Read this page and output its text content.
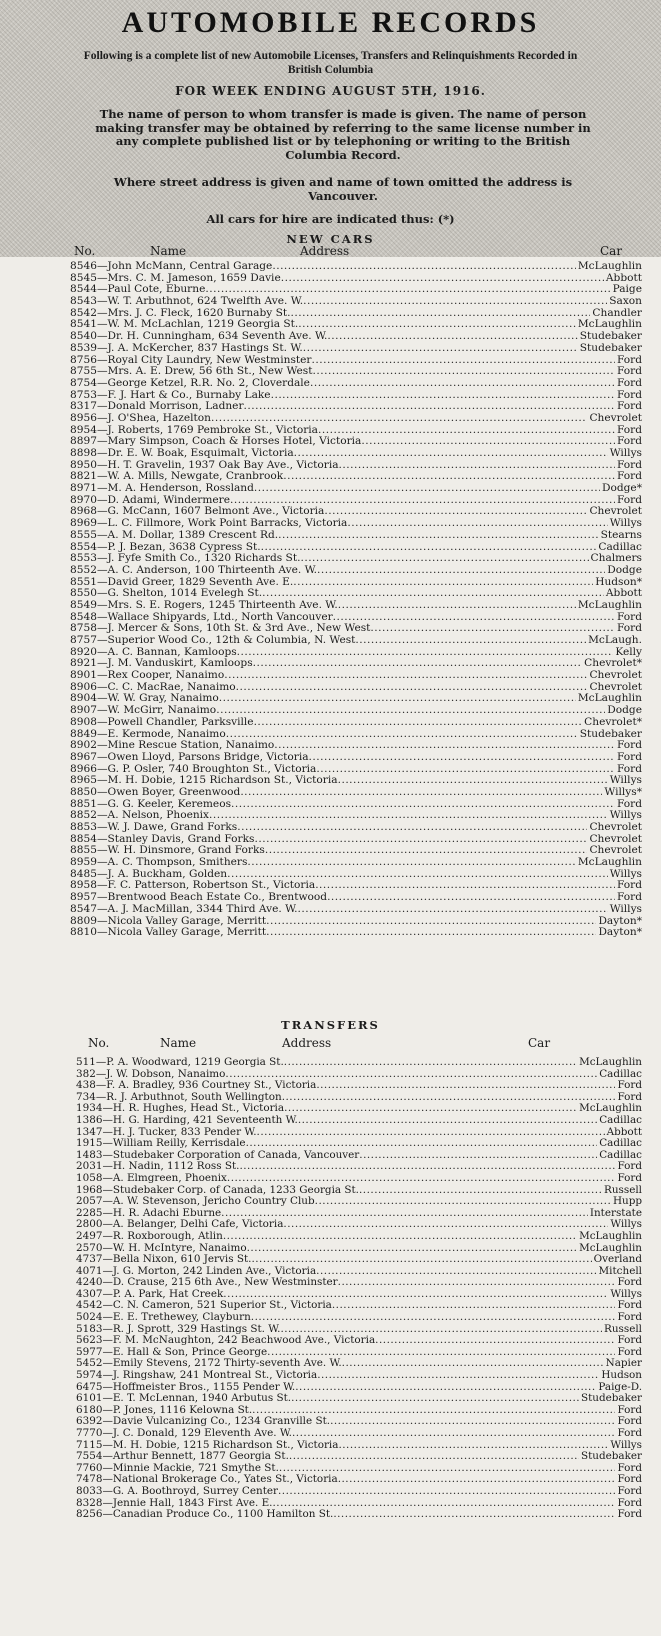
AUTOMOBILE RECORDS

Following is a complete list of new Automobile Licenses, Transfers and Relinquishments Recorded in British Columbia

FOR WEEK ENDING AUGUST 5TH, 1916.

The name of person to whom transfer is made is given. The name of person making transfer may be obtained by referring to the same license number in any complete published list or by telephoning or writing to the British Columbia Record.

Where street address is given and name of town omitted the address is Vancouver.

All cars for hire are indicated thus: (*)

NEW CARS

No.	Name	Address	Car
8546—John McMann, Central Garage .....	McLaughlin
8545—Mrs. C. M. Jameson, 1659 Davie .....	Abbott
8544—Paul Cote, Eburne .....	Paige
8543—W. T. Arbuthnot, 624 Twelfth Ave. W. .....	Saxon
8542—Mrs. J. C. Fleck, 1620 Burnaby St. .....	Chandler
8541—W. M. McLachlan, 1219 Georgia St. .....	McLaughlin
8540—Dr. H. Cunningham, 634 Seventh Ave. W. .....	Studebaker
8539—J. A. McKercher, 837 Hastings St. W. .....	Studebaker
8756—Royal City Laundry, New Westminster .....	Ford
8755—Mrs. A. E. Drew, 56 6th St., New West .....	Ford
8754—George Ketzel, R.R. No. 2, Cloverdale .....	Ford
8753—F. J. Hart & Co., Burnaby Lake .....	Ford
8317—Donald Morrison, Ladner .....	Ford
8956—J. O'Shea, Hazelton .....	Chevrolet
8954—J. Roberts, 1769 Pembroke St., Victoria .....	Ford
8897—Mary Simpson, Coach & Horses Hotel, Victoria .....	Ford
8898—Dr. E. W. Boak, Esquimalt, Victoria .....	Willys
8950—H. T. Gravelin, 1937 Oak Bay Ave., Victoria .....	Ford
8821—W. A. Mills, Newgate, Cranbrook .....	Ford
8971—M. A. Henderson, Rossland .....	Dodge*
8970—D. Adami, Windermere .....	Ford
8968—G. McCann, 1607 Belmont Ave., Victoria .....	Chevrolet
8969—L. C. Fillmore, Work Point Barracks, Victoria .....	Willys
8555—A. M. Dollar, 1389 Crescent Rd. .....	Stearns
8554—P. J. Bezan, 3638 Cypress St. .....	Cadillac
8553—J. Fyfe Smith Co., 1320 Richards St. .....	Chalmers
8552—A. C. Anderson, 100 Thirteenth Ave. W. .....	Dodge
8551—David Greer, 1829 Seventh Ave. E. .....	Hudson*
8550—G. Shelton, 1014 Evelegh St. .....	Abbott
8549—Mrs. S. E. Rogers, 1245 Thirteenth Ave. W. .....	McLaughlin
8548—Wallace Shipyards, Ltd., North Vancouver .....	Ford
8758—J. Mercer & Sons, 10th St. & 3rd Ave., New West .....	Ford
8757—Superior Wood Co., 12th & Columbia, N. West .....	McLaugh.
8920—A. C. Bannan, Kamloops .....	Kelly
8921—J. M. Vanduskirt, Kamloops .....	Chevrolet*
8901—Rex Cooper, Nanaimo .....	Chevrolet
8906—C. C. MacRae, Nanaimo .....	Chevrolet
8904—W. W. Gray, Nanaimo .....	McLaughlin
8907—W. McGirr, Nanaimo .....	Dodge
8908—Powell Chandler, Parksville .....	Chevrolet*
8849—E. Kermode, Nanaimo .....	Studebaker
8902—Mine Rescue Station, Nanaimo .....	Ford
8967—Owen Lloyd, Parsons Bridge, Victoria .....	Ford
8966—G. P. Osler, 740 Broughton St., Victoria .....	Ford
8965—M. H. Dobie, 1215 Richardson St., Victoria .....	Willys
8850—Owen Boyer, Greenwood .....	Willys*
8851—G. G. Keeler, Keremeos .....	Ford
8852—A. Nelson, Phoenix .....	Willys
8853—W. J. Dawe, Grand Forks .....	Chevrolet
8854—Stanley Davis, Grand Forks .....	Chevrolet
8855—W. H. Dinsmore, Grand Forks .....	Chevrolet
8959—A. C. Thompson, Smithers .....	McLaughlin
8485—J. A. Buckham, Golden .....	Willys
8958—F. C. Patterson, Robertson St., Victoria .....	Ford
8957—Brentwood Beach Estate Co., Brentwood .....	Ford
8547—A. J. MacMillan, 3344 Third Ave. W. .....	Willys
8809—Nicola Valley Garage, Merritt .....	Dayton*
8810—Nicola Valley Garage, Merritt .....	Dayton*

TRANSFERS

No.	Name	Address	Car
511—P. A. Woodward, 1219 Georgia St. .....	McLaughlin
382—J. W. Dobson, Nanaimo .....	Cadillac
438—F. A. Bradley, 936 Courtney St., Victoria .....	Ford
734—R. J. Arbuthnot, South Wellington .....	Ford
1934—H. R. Hughes, Head St., Victoria .....	McLaughlin
1386—H. G. Harding, 421 Seventeenth W. .....	Cadillac
1347—H. J. Tucker, 833 Pender W. .....	Abbott
1915—William Reilly, Kerrisdale .....	Cadillac
1483—Studebaker Corporation of Canada, Vancouver .....	Cadillac
2031—H. Nadin, 1112 Ross St. .....	Ford
1058—A. Elmgreen, Phoenix .....	Ford
1968—Studebaker Corp. of Canada, 1233 Georgia St. .....	Russell
2057—A. W. Stevenson, Jericho Country Club .....	Hupp
2285—H. R. Adachi Eburne .....	Interstate
2800—A. Belanger, Delhi Cafe, Victoria .....	Willys
2497—R. Roxborough, Atlin .....	McLaughlin
2570—W. H. McIntyre, Nanaimo .....	McLaughlin
4737—Bella Nixon, 610 Jervis St. .....	Overland
4071—J. G. Morton, 242 Linden Ave., Victoria .....	Mitchell
4240—D. Crause, 215 6th Ave., New Westminster .....	Ford
4307—P. A. Park, Hat Creek .....	Willys
4542—C. N. Cameron, 521 Superior St., Victoria .....	Ford
5024—E. E. Trethewey, Clayburn .....	Ford
5183—R. J. Sprott, 329 Hastings St. W. .....	Russell
5623—F. M. McNaughton, 242 Beachwood Ave., Victoria .....	Ford
5977—E. Hall & Son, Prince George .....	Ford
5452—Emily Stevens, 2172 Thirty-seventh Ave. W. .....	Napier
5974—J. Ringshaw, 241 Montreal St., Victoria .....	Hudson
6475—Hoffmeister Bros., 1155 Pender W. .....	Paige-D.
6101—E. T. McLennan, 1940 Arbutus St. .....	Studebaker
6180—P. Jones, 1116 Kelowna St. .....	Ford
6392—Davie Vulcanizing Co., 1234 Granville St. .....	Ford
7770—J. C. Donald, 129 Eleventh Ave. W. .....	Ford
7115—M. H. Dobie, 1215 Richardson St., Victoria .....	Willys
7554—Arthur Bennett, 1877 Georgia St. .....	Studebaker
7760—Minnie Mackie, 721 Smythe St. .....	Ford
7478—National Brokerage Co., Yates St., Victoria .....	Ford
8033—G. A. Boothroyd, Surrey Center .....	Ford
8328—Jennie Hall, 1843 First Ave. E. .....	Ford
8256—Canadian Produce Co., 1100 Hamilton St. .....	Ford
